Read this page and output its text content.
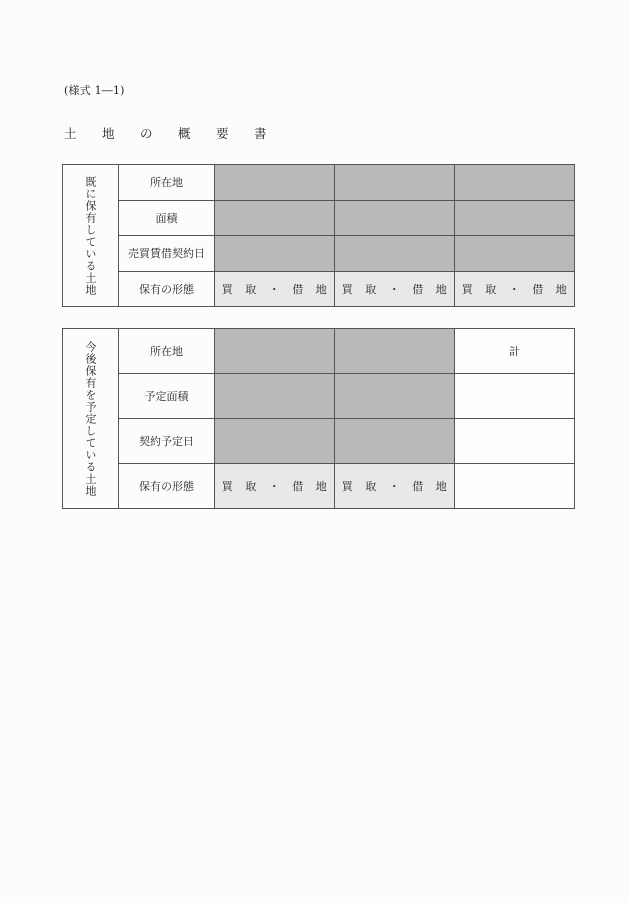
(様式 1―1)
土	地	の	概	要	書
既に保有している土地	所在地			
	面積			
	売買賃借契約日			
	保有の形態	買 取 ・ 借 地	買 取 ・ 借 地	買 取 ・ 借 地
今後保有を予定している土地	所在地			計
	予定面積			
	契約予定日			
	保有の形態	買 取 ・ 借 地	買 取 ・ 借 地	
